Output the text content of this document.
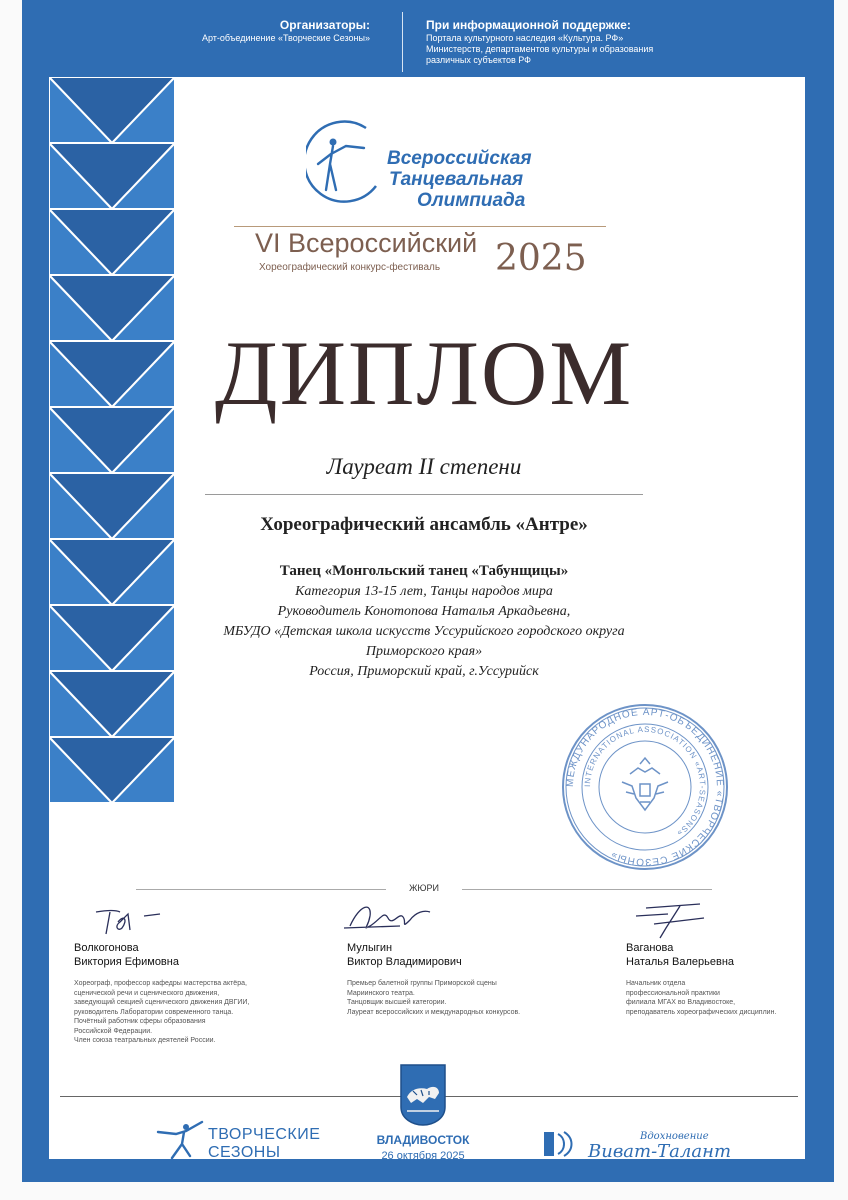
Организаторы:
Арт-объединение «Творческие Сезоны»
При информационной поддержке:
Портала культурного наследия «Культура. РФ»
Министерств, департаментов культуры и образования
различных субъектов РФ
Всероссийская
Танцевальная
Олимпиада
VI Всероссийский
Хореографический конкурс-фестиваль 2025
ДИПЛОМ
Лауреат II степени
Хореографический ансамбль «Антре»
Танец «Монгольский танец «Табунщицы»
Категория 13-15 лет, Танцы народов мира
Руководитель Конотопова Наталья Аркадьевна,
МБУДО «Детская школа искусств Уссурийского городского округа
Приморского края»
Россия, Приморский край, г.Уссурийск
МЕЖДУНАРОДНОЕ АРТ-ОБЪЕДИНЕНИЕ «ТВОРЧЕСКИЕ СЕЗОНЫ»
INTERNATIONAL ASSOCIATION «ART-SEASONS»
ЖЮРИ
Волкогонова
Виктория Ефимовна
Хореограф, профессор кафедры мастерства актёра,
сценической речи и сценического движения,
заведующий секцией сценического движения ДВГИИ,
руководитель Лаборатории современного танца.
Почётный работник сферы образования
Российской Федерации.
Член союза театральных деятелей России.
Мулыгин
Виктор Владимирович
Премьер балетной группы Приморской сцены
Мариинского театра.
Танцовщик высшей категории.
Лауреат всероссийских и международных конкурсов.
Ваганова
Наталья Валерьевна
Начальник отдела
профессиональной практики
филиала МГАХ во Владивостоке,
преподаватель хореографических дисциплин.
ТВОРЧЕСКИЕ
СЕЗОНЫ
ВЛАДИВОСТОК
26 октября 2025
Вдохновение
Виват-Талант
